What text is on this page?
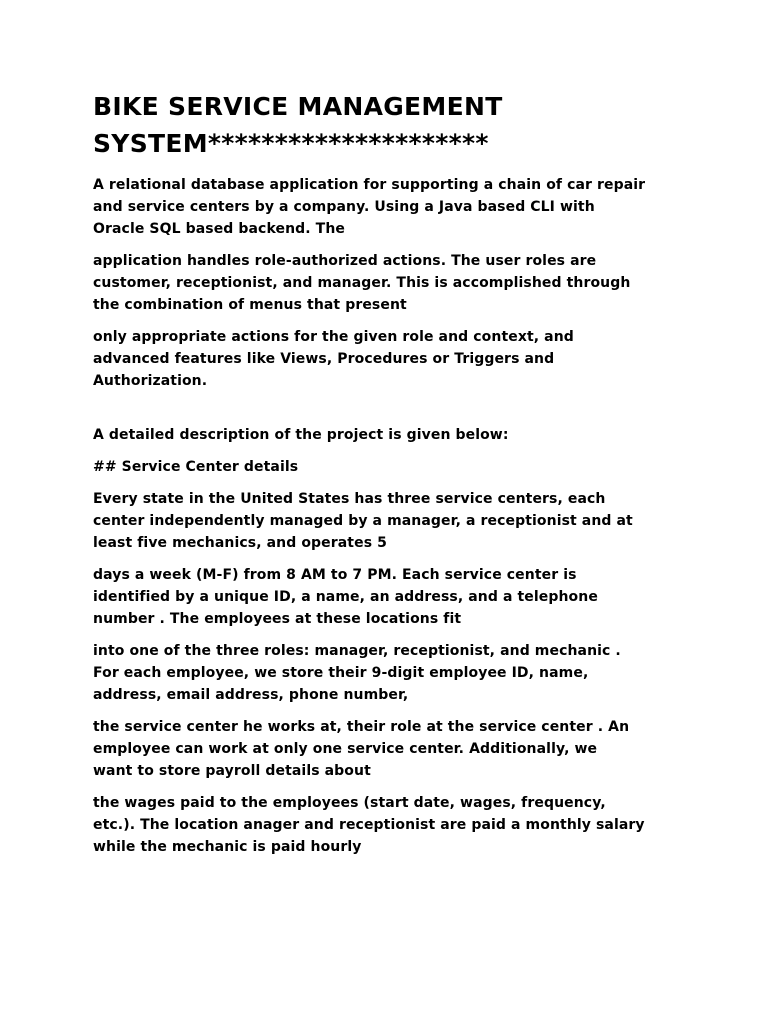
BIKE SERVICE MANAGEMENT
SYSTEM*********************
A relational database application for supporting a chain of car repair
and service centers by a company. Using a Java based CLI with
Oracle SQL based backend. The
application handles role-authorized actions. The user roles are
customer, receptionist, and manager. This is accomplished through
the combination of menus that present
only appropriate actions for the given role and context, and
advanced features like Views, Procedures or Triggers and
Authorization.
A detailed description of the project is given below:
## Service Center details
Every state in the United States has three service centers, each
center independently managed by a manager, a receptionist and at
least five mechanics, and operates 5
days a week (M-F) from 8 AM to 7 PM. Each service center is
identified by a unique ID, a name, an address, and a telephone
number . The employees at these locations fit
into one of the three roles: manager, receptionist, and mechanic .
For each employee, we store their 9-digit employee ID, name,
address, email address, phone number,
the service center he works at, their role at the service center . An
employee can work at only one service center. Additionally, we
want to store payroll details about
the wages paid to the employees (start date, wages, frequency,
etc.). The location anager and receptionist are paid a monthly salary
while the mechanic is paid hourly
